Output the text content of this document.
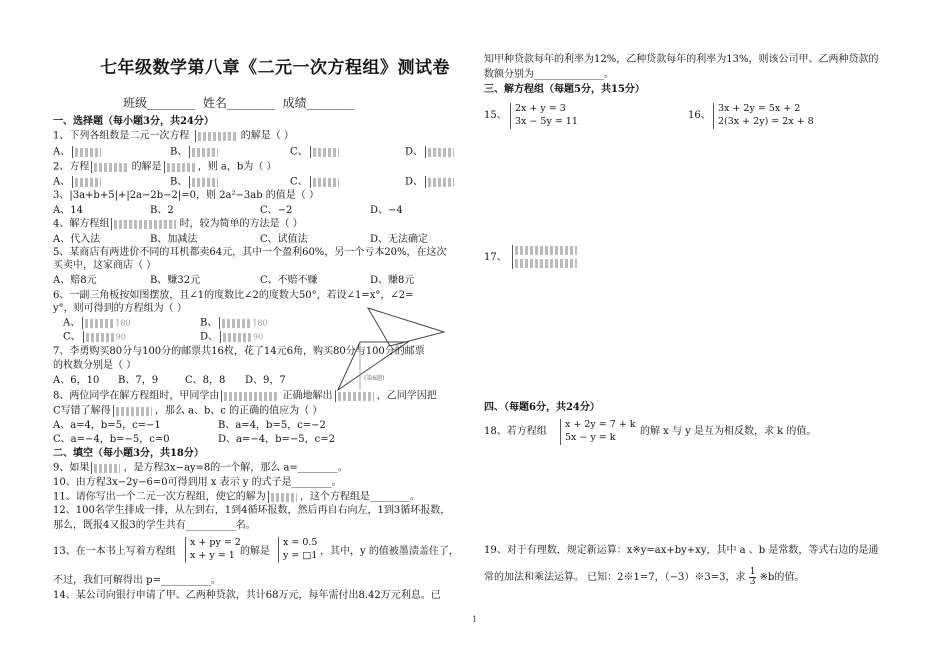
七年级数学第八章《二元一次方程组》测试卷
班级________ 姓名________ 成绩________
一、选择题（每小题3分，共24分）
1、下列各组数是二元一次方程	的解是（ ）
A、	B、	C、	D、
2、方程	的解是	，则 a，b为（ ）
A、	B、	C、	D、
3、|3a+b+5|+|2a−2b−2|=0，则 2a²−3ab 的值是（ ）
A、14	B、2	C、−2	D、−4
4、解方程组	时，较为简单的方法是（ ）
A、代入法	B、加减法	C、试值法	D、无法确定
5、某商店有两进价不同的耳机都卖64元，其中一个盈利60%，另一个亏本20%，在这次
买卖中，这家商店（ ）
A、赔8元	B、赚32元	C、不赔不赚	D、赚8元
6、一副三角板按如图摆放，且∠1的度数比∠2的度数大50°，若设∠1=x°，∠2=
y°，则可得到的方程组为（ ）
A、	180	B、	180
C、	90	D、	90
(第6题)
7、李勇购买80分与100分的邮票共16枚，花了14元6角，购买80分与100分的邮票
的枚数分别是（ ）
A、6，10 B、7，9	C、8，8 D、9，7
8、两位同学在解方程组时，甲同学由	正确地解出	，乙同学因把
C写错了解得	，那么 a、b、c 的正确的值应为（ ）
A、a=4，b=5，c=−1	B、a=4，b=5，c=−2
C、a=−4，b=−5，c=0	D、a=−4，b=−5，c=2
二、填空（每小题3分，共18分）
9、如果	，是方程3x−ay=8的一个解，那么 a=________。
10、由方程3x−2y−6=0可得到用 x 表示 y 的式子是________。
11、请你写出一个二元一次方程组，使它的解为	，这个方程组是________。
12、100名学生排成一排，从左到右，1到4循环报数，然后再自右向左，1到3循环报数，
那么，既报4又报3的学生共有__________名。
13、在一本书上写着方程组
x + py = 2
x + y = 1 的解是
x = 0.5
y = □1 ，其中，y 的值被墨渍盖住了，
不过，我们可解得出 p=__________。
14、某公司向银行申请了甲、乙两种贷款，共计68万元，每年需付出8.42万元利息。已
知甲种贷款每年的利率为12%，乙种贷款每年的利率为13%，则该公司甲、乙两种贷款的
数额分别为______________。
三、解方程组（每题5分，共15分）
15、
2x + y = 3
3x − 5y = 11
16、
3x + 2y = 5x + 2
2(3x + 2y) = 2x + 8
17、
四、（每题6分，共24分）
18、若方程组
x + 2y = 7 + k
5x − y = k
的解 x 与 y 是互为相反数，求 k 的值。
19、对于有理数，规定新运算：x※y=ax+by+xy，其中 a 、b 是常数，等式右边的是通
常的加法和乘法运算。 已知：2※1=7，（−3）※3=3，求 $\frac{1}{3}$ ※b的值。
1
